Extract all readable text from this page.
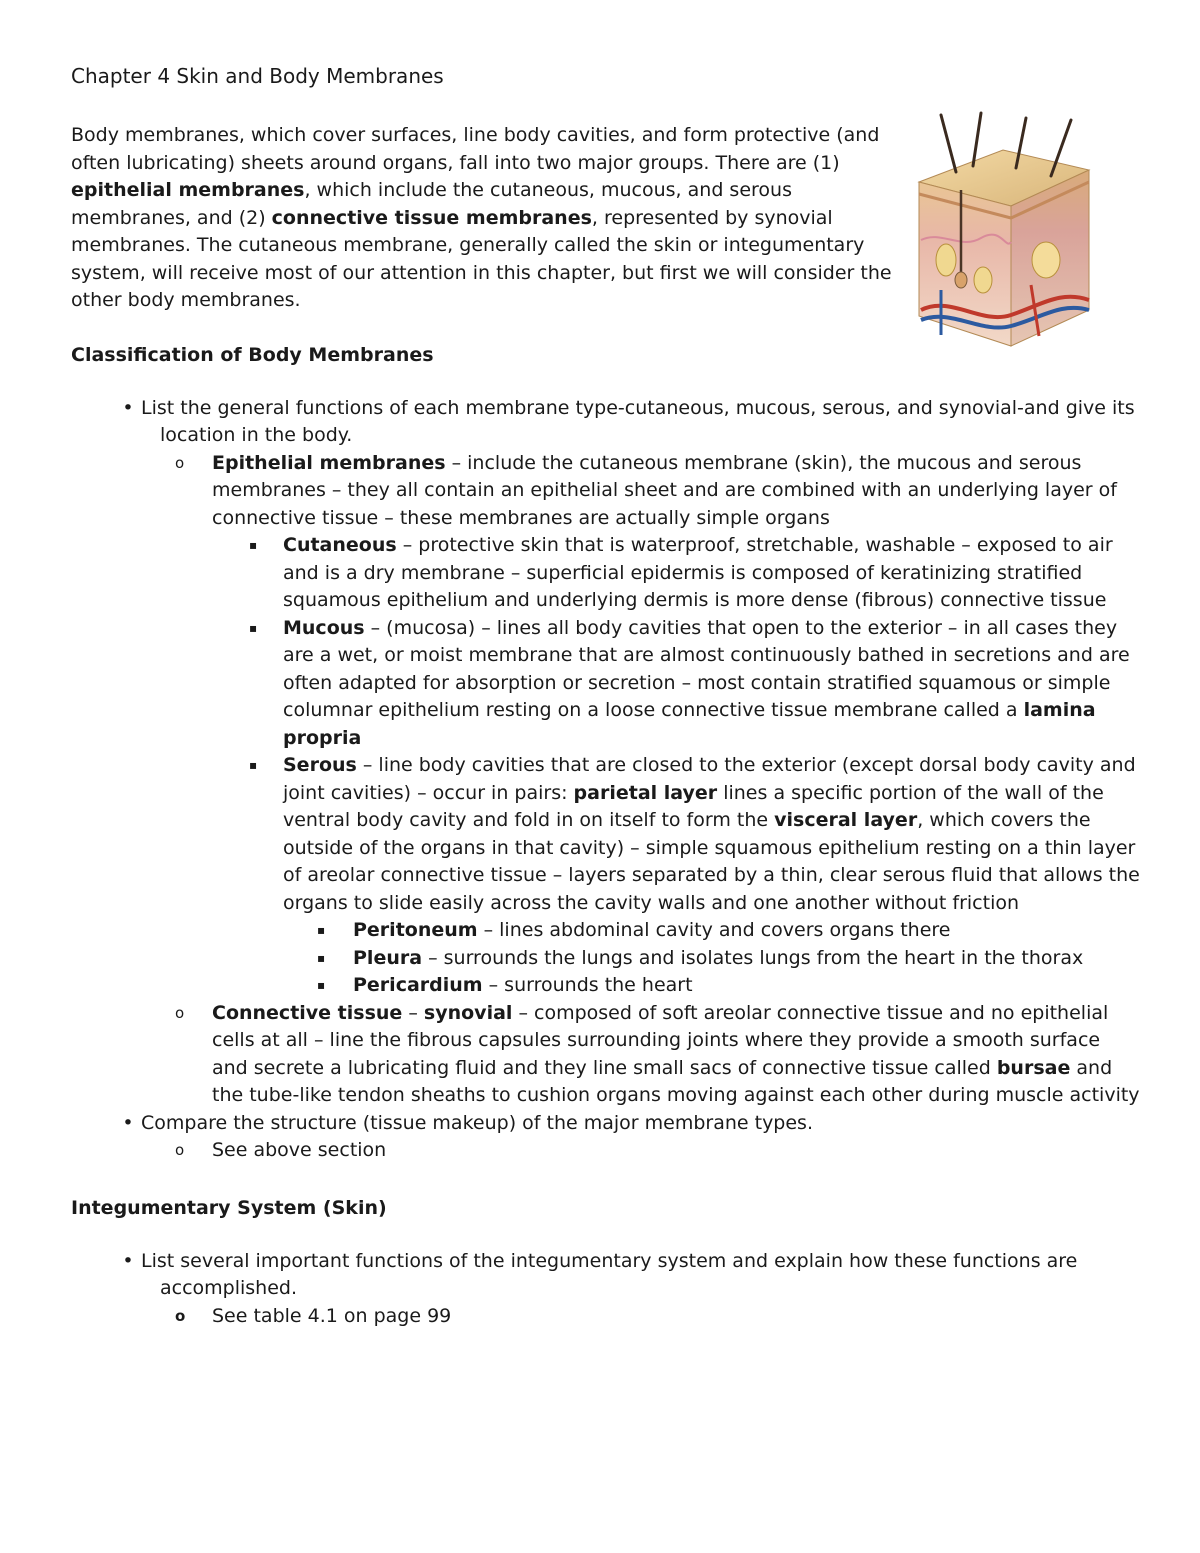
Chapter 4 Skin and Body Membranes

Body membranes, which cover surfaces, line body cavities, and form protective (and often lubricating) sheets around organs, fall into two major groups. There are (1) epithelial membranes, which include the cutaneous, mucous, and serous membranes, and (2) connective tissue membranes, represented by synovial membranes. The cutaneous membrane, generally called the skin or integumentary system, will receive most of our attention in this chapter, but first we will consider the other body membranes.

Classification of Body Membranes
• List the general functions of each membrane type-cutaneous, mucous, serous, and synovial-and give its location in the body.
o Epithelial membranes – include the cutaneous membrane (skin), the mucous and serous membranes – they all contain an epithelial sheet and are combined with an underlying layer of connective tissue – these membranes are actually simple organs
▪ Cutaneous – protective skin that is waterproof, stretchable, washable – exposed to air and is a dry membrane – superficial epidermis is composed of keratinizing stratified squamous epithelium and underlying dermis is more dense (fibrous) connective tissue
▪ Mucous – (mucosa) – lines all body cavities that open to the exterior – in all cases they are a wet, or moist membrane that are almost continuously bathed in secretions and are often adapted for absorption or secretion – most contain stratified squamous or simple columnar epithelium resting on a loose connective tissue membrane called a lamina propria
▪ Serous – line body cavities that are closed to the exterior (except dorsal body cavity and joint cavities) – occur in pairs: parietal layer lines a specific portion of the wall of the ventral body cavity and fold in on itself to form the visceral layer, which covers the outside of the organs in that cavity) – simple squamous epithelium resting on a thin layer of areolar connective tissue – layers separated by a thin, clear serous fluid that allows the organs to slide easily across the cavity walls and one another without friction
▪ Peritoneum – lines abdominal cavity and covers organs there
▪ Pleura – surrounds the lungs and isolates lungs from the heart in the thorax
▪ Pericardium – surrounds the heart
o Connective tissue – synovial – composed of soft areolar connective tissue and no epithelial cells at all – line the fibrous capsules surrounding joints where they provide a smooth surface and secrete a lubricating fluid and they line small sacs of connective tissue called bursae and the tube-like tendon sheaths to cushion organs moving against each other during muscle activity
• Compare the structure (tissue makeup) of the major membrane types.
o See above section
Integumentary System (Skin)
• List several important functions of the integumentary system and explain how these functions are accomplished.
o See table 4.1 on page 99
